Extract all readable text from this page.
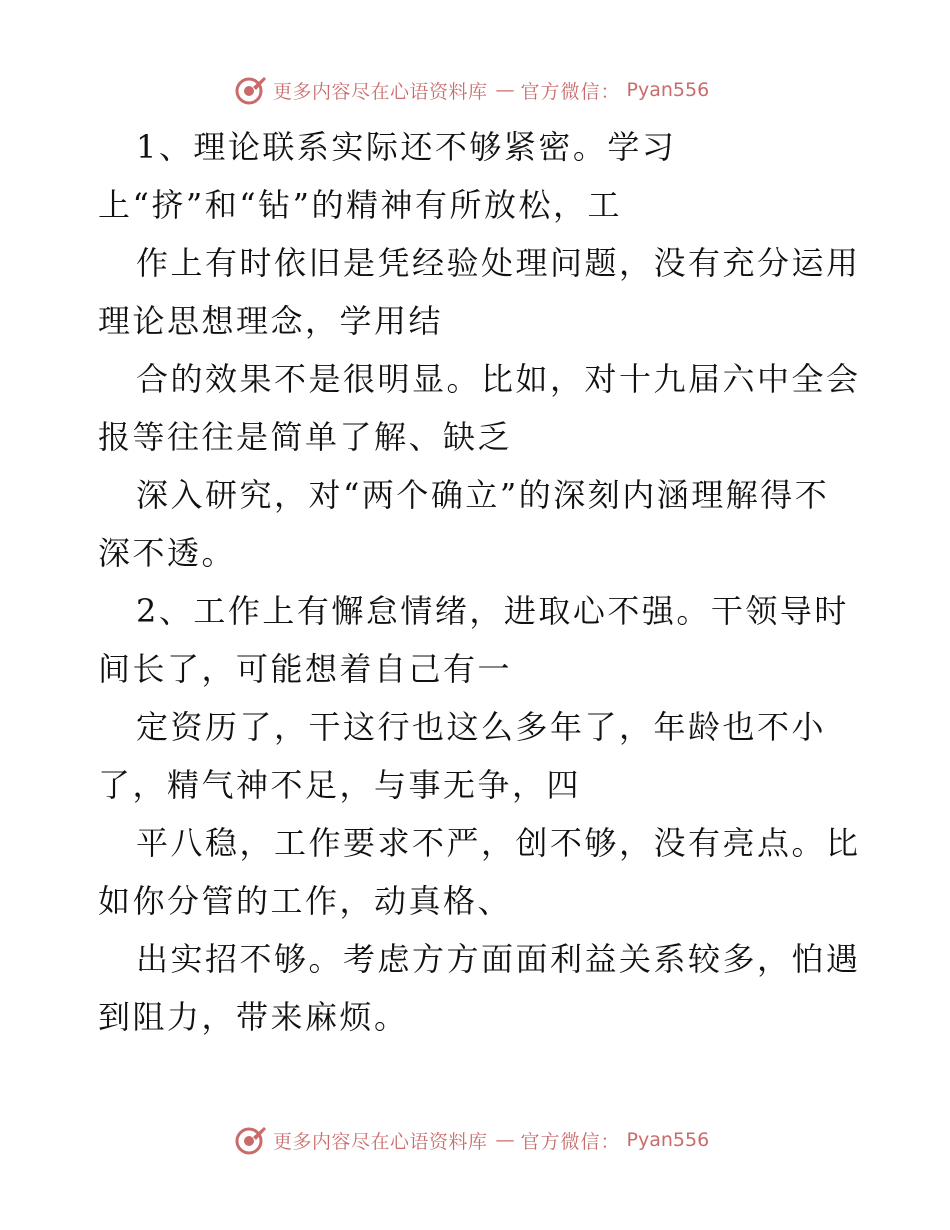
更多内容尽在心语资料库 — 官方微信： Pyan556
1、理论联系实际还不够紧密。学习
上“挤”和“钻”的精神有所放松，工
作上有时依旧是凭经验处理问题，没有充分运用
理论思想理念，学用结
合的效果不是很明显。比如，对十九届六中全会
报等往往是简单了解、缺乏
深入研究，对“两个确立”的深刻内涵理解得不
深不透。
2、工作上有懈怠情绪，进取心不强。干领导时
间长了，可能想着自己有一
定资历了，干这行也这么多年了，年龄也不小
了，精气神不足，与事无争，四
平八稳，工作要求不严，创不够，没有亮点。比
如你分管的工作，动真格、
出实招不够。考虑方方面面利益关系较多，怕遇
到阻力，带来麻烦。
更多内容尽在心语资料库 — 官方微信： Pyan556
